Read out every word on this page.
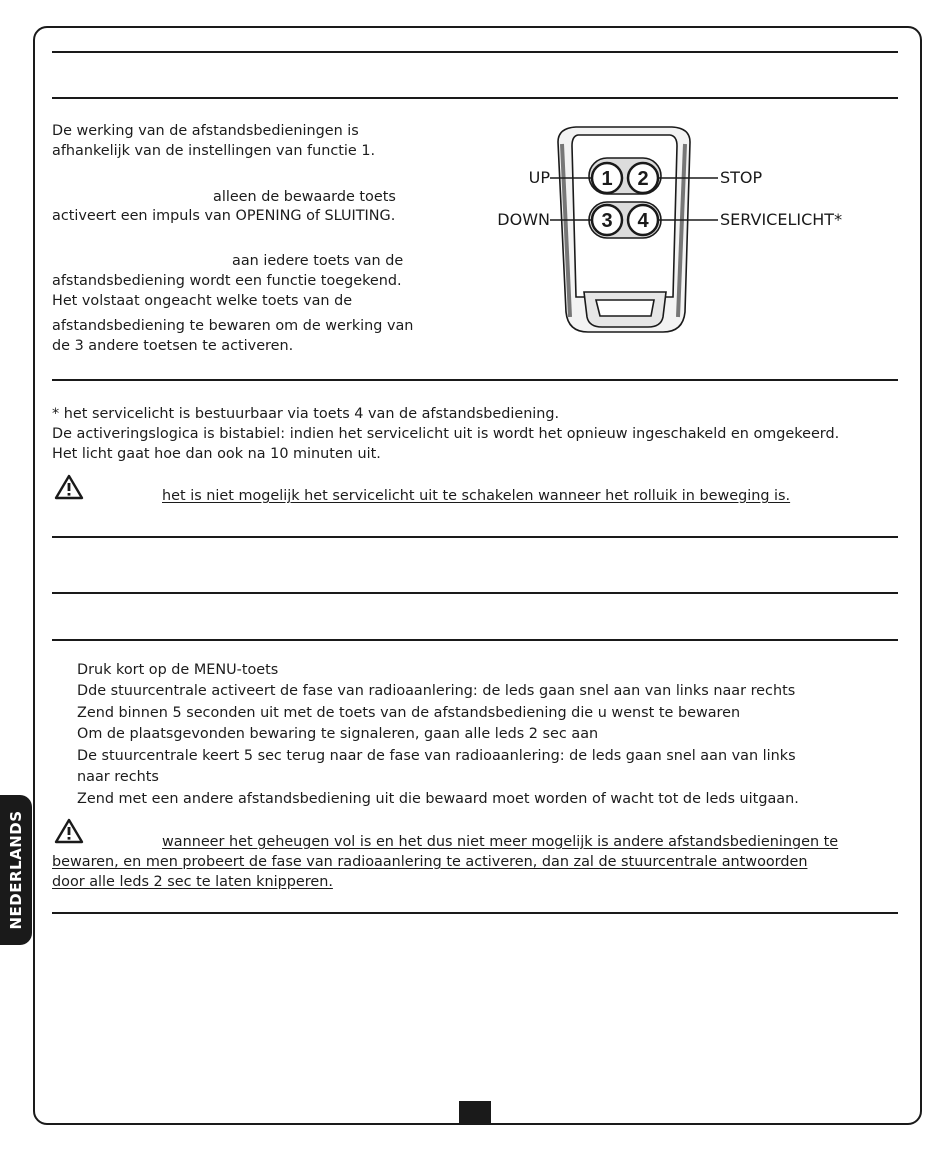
De werking van de afstandsbedieningen is

afhankelijk van de instellingen van functie 1.

alleen de bewaarde toets

activeert een impuls van OPENING of SLUITING.

aan iedere toets van de

afstandsbediening wordt een functie toegekend.

Het volstaat ongeacht welke toets van de

afstandsbediening te bewaren om de werking van

de 3 andere toetsen te activeren.

1 2
3 4
UP	STOP
DOWN	SERVICELICHT*

* het servicelicht is bestuurbaar via toets 4 van de afstandsbediening.

De activeringslogica is bistabiel: indien het servicelicht uit is wordt het opnieuw ingeschakeld en omgekeerd.

Het licht gaat hoe dan ook na 10 minuten uit.

het is niet mogelijk het servicelicht uit te schakelen wanneer het rolluik in beweging is.

Druk kort op de MENU-toets

Dde stuurcentrale activeert de fase van radioaanlering: de leds gaan snel aan van links naar rechts

Zend binnen 5 seconden uit met de toets van de afstandsbediening die u wenst te bewaren

Om de plaatsgevonden bewaring te signaleren, gaan alle leds 2 sec aan

De stuurcentrale keert 5 sec terug naar de fase van radioaanlering: de leds gaan snel aan van links

naar rechts

Zend met een andere afstandsbediening uit die bewaard moet worden of wacht tot de leds uitgaan.

wanneer het geheugen vol is en het dus niet meer mogelijk is andere afstandsbedieningen te

bewaren, en men probeert de fase van radioaanlering te activeren, dan zal de stuurcentrale antwoorden

door alle leds 2 sec te laten knipperen.

NEDERLANDS
